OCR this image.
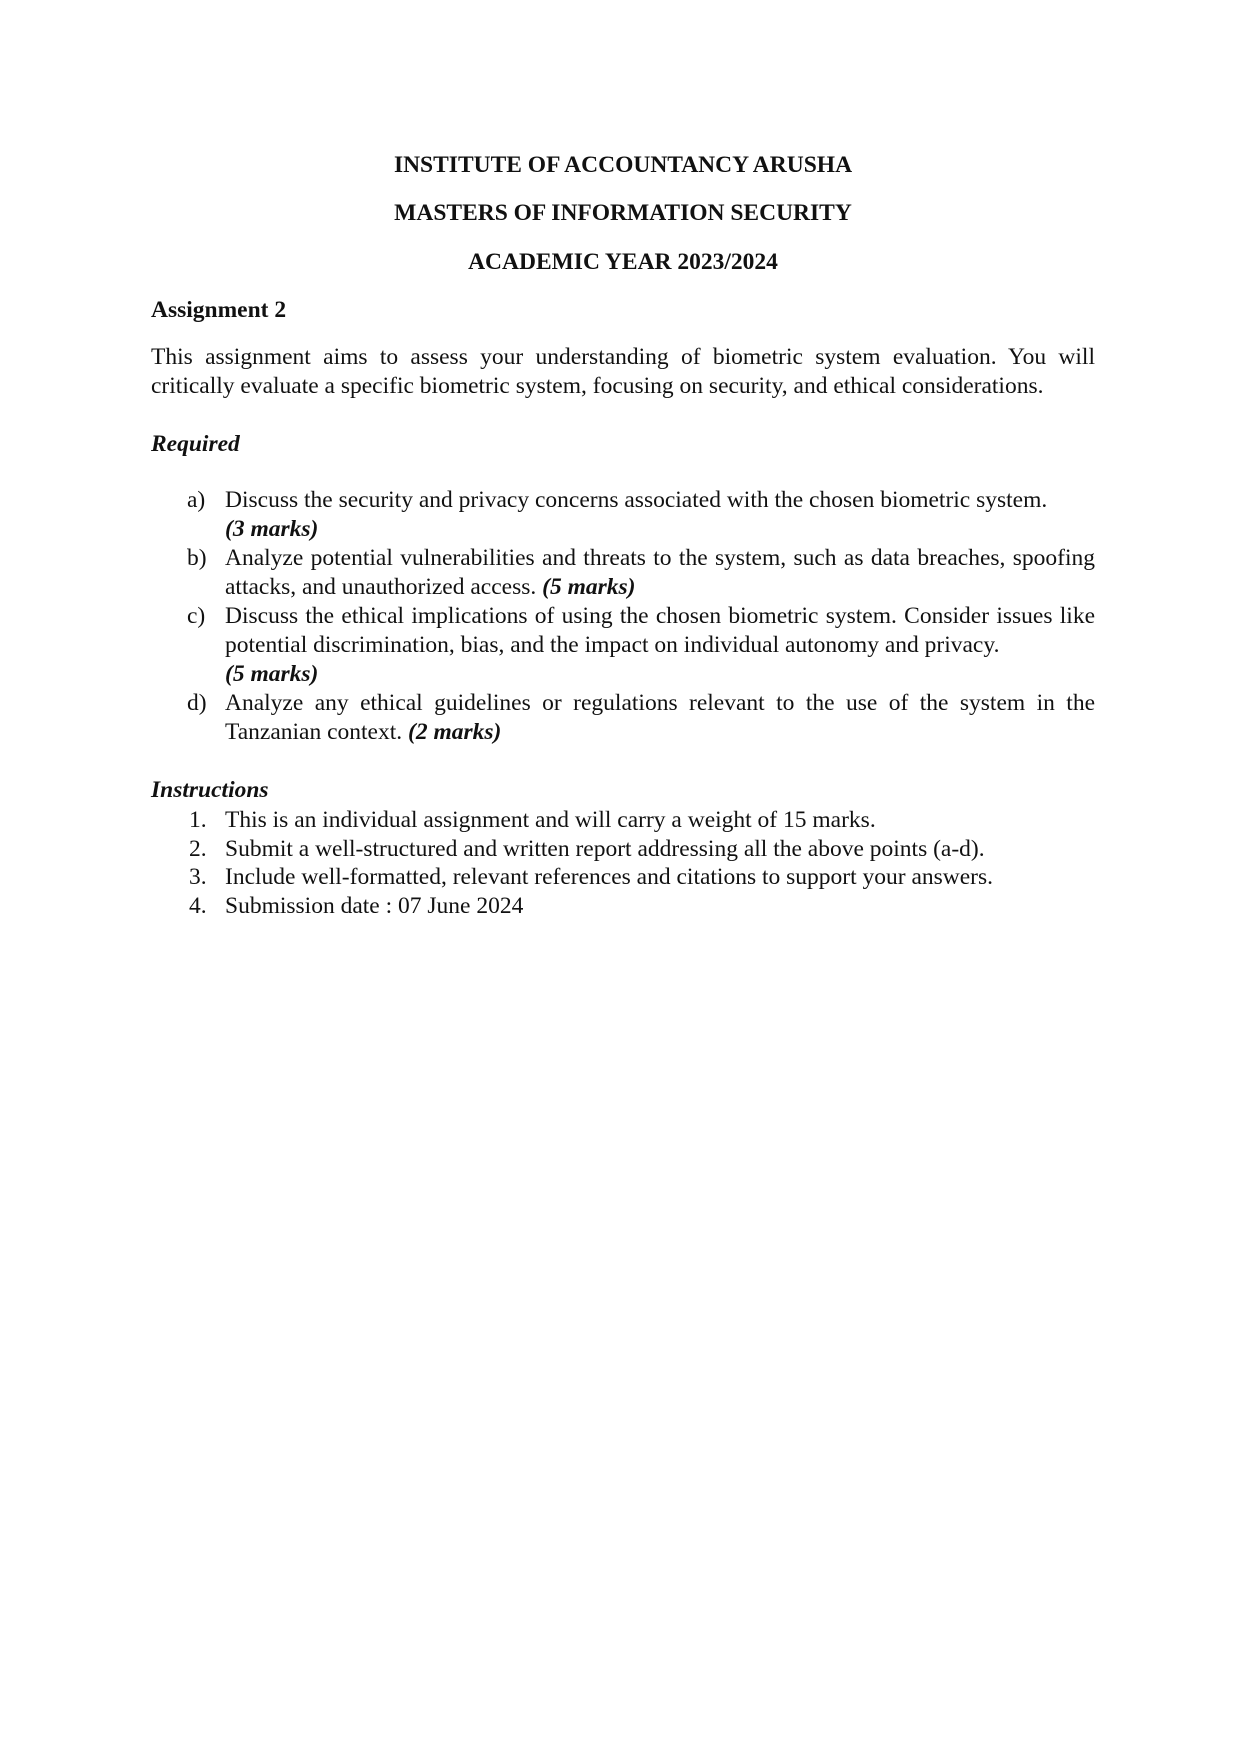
INSTITUTE OF ACCOUNTANCY ARUSHA
MASTERS OF INFORMATION SECURITY
ACADEMIC YEAR 2023/2024
Assignment 2
This assignment aims to assess your understanding of biometric system evaluation. You will critically evaluate a specific biometric system, focusing on security, and ethical considerations.
Required
a) Discuss the security and privacy concerns associated with the chosen biometric system.
(3 marks)
b) Analyze potential vulnerabilities and threats to the system, such as data breaches, spoofing attacks, and unauthorized access. (5 marks)
c) Discuss the ethical implications of using the chosen biometric system. Consider issues like potential discrimination, bias, and the impact on individual autonomy and privacy.
(5 marks)
d) Analyze any ethical guidelines or regulations relevant to the use of the system in the Tanzanian context. (2 marks)
Instructions
1. This is an individual assignment and will carry a weight of 15 marks.
2. Submit a well-structured and written report addressing all the above points (a-d).
3. Include well-formatted, relevant references and citations to support your answers.
4. Submission date : 07 June 2024
